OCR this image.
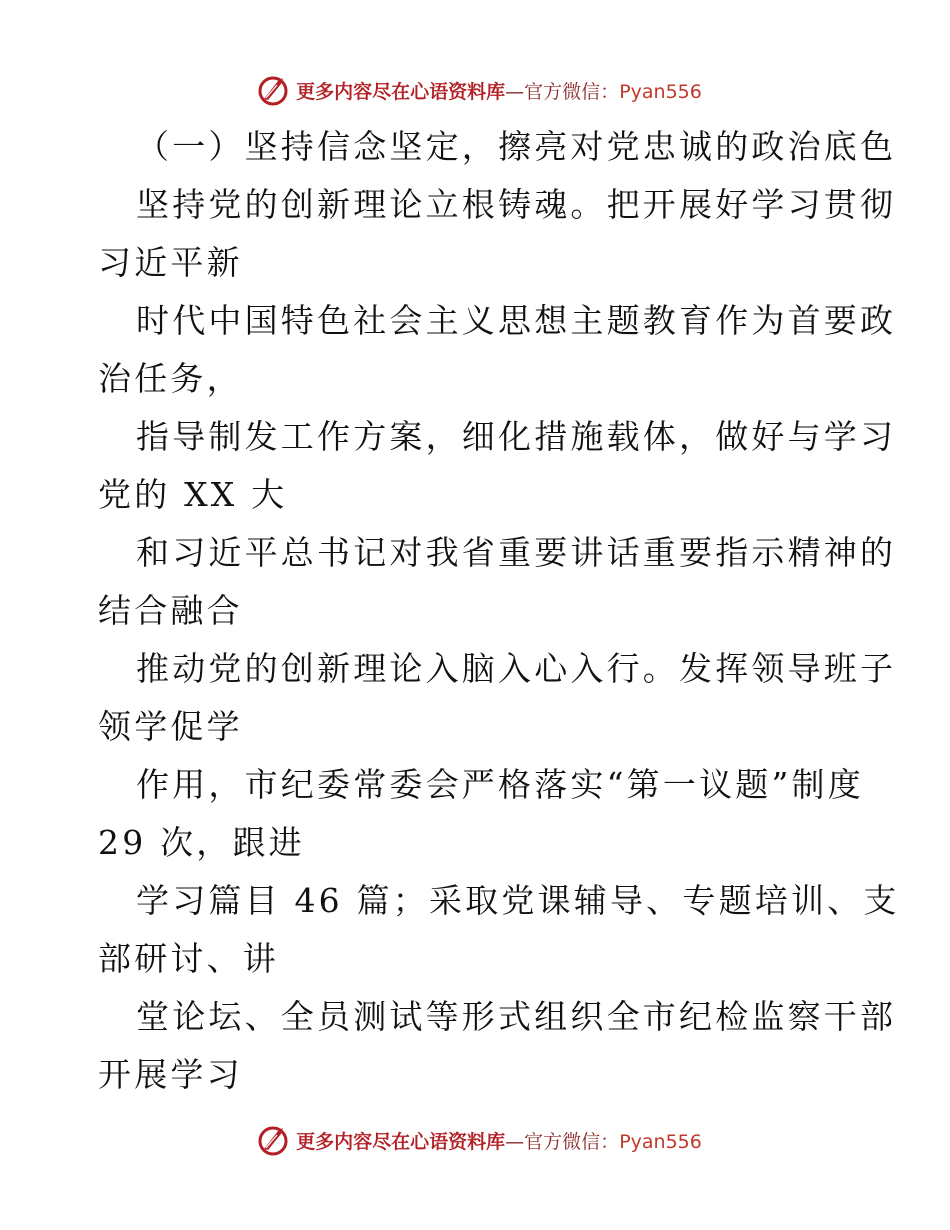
更多内容尽在心语资料库—官方微信：Pyan556
（一）坚持信念坚定，擦亮对党忠诚的政治底色
坚持党的创新理论立根铸魂。把开展好学习贯彻
习近平新
时代中国特色社会主义思想主题教育作为首要政
治任务，
指导制发工作方案，细化措施载体，做好与学习
党的 XX 大
和习近平总书记对我省重要讲话重要指示精神的
结合融合
推动党的创新理论入脑入心入行。发挥领导班子
领学促学
作用，市纪委常委会严格落实“第一议题”制度
29 次，跟进
学习篇目 46 篇；采取党课辅导、专题培训、支
部研讨、讲
堂论坛、全员测试等形式组织全市纪检监察干部
开展学习
更多内容尽在心语资料库—官方微信：Pyan556
